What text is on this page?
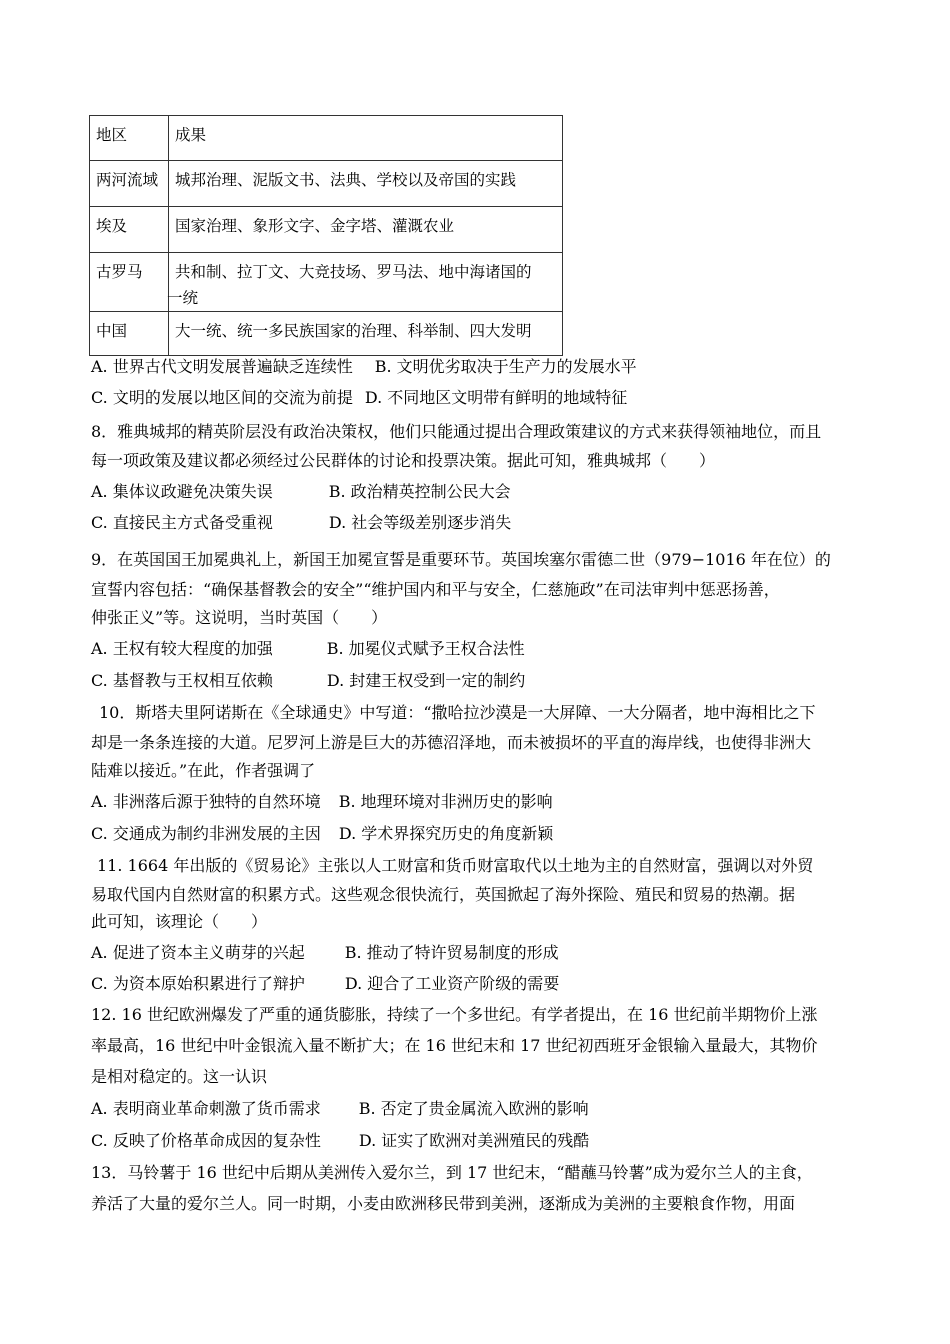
地区	成果
两河流域	城邦治理、泥版文书、法典、学校以及帝国的实践
埃及	国家治理、象形文字、金字塔、灌溉农业
古罗马	共和制、拉丁文、大竞技场、罗马法、地中海诸国的
一统
中国	大一统、统一多民族国家的治理、科举制、四大发明
A. 世界古代文明发展普遍缺乏连续性 B. 文明优劣取决于生产力的发展水平
C. 文明的发展以地区间的交流为前提 D. 不同地区文明带有鲜明的地域特征
8．雅典城邦的精英阶层没有政治决策权，他们只能通过提出合理政策建议的方式来获得领袖地位，而且
每一项政策及建议都必须经过公民群体的讨论和投票决策。据此可知，雅典城邦（　　）
A. 集体议政避免决策失误	B. 政治精英控制公民大会
C. 直接民主方式备受重视	D. 社会等级差别逐步消失
9．在英国国王加冕典礼上，新国王加冕宣誓是重要环节。英国埃塞尔雷德二世（979−1016 年在位）的
宣誓内容包括：“确保基督教会的安全”“维护国内和平与安全，仁慈施政”在司法审判中惩恶扬善，
伸张正义”等。这说明，当时英国（　　）
A. 王权有较大程度的加强	B. 加冕仪式赋予王权合法性
C. 基督教与王权相互依赖	D. 封建王权受到一定的制约
10．斯塔夫里阿诺斯在《全球通史》中写道：“撒哈拉沙漠是一大屏障、一大分隔者，地中海相比之下
却是一条条连接的大道。尼罗河上游是巨大的苏德沼泽地，而未被损坏的平直的海岸线，也使得非洲大
陆难以接近。”在此，作者强调了
A. 非洲落后源于独特的自然环境 B. 地理环境对非洲历史的影响
C. 交通成为制约非洲发展的主因 D. 学术界探究历史的角度新颖
11. 1664 年出版的《贸易论》主张以人工财富和货币财富取代以土地为主的自然财富，强调以对外贸
易取代国内自然财富的积累方式。这些观念很快流行，英国掀起了海外探险、殖民和贸易的热潮。据
此可知，该理论（　　）
A. 促进了资本主义萌芽的兴起	B. 推动了特许贸易制度的形成
C. 为资本原始积累进行了辩护	D. 迎合了工业资产阶级的需要
12. 16 世纪欧洲爆发了严重的通货膨胀，持续了一个多世纪。有学者提出，在 16 世纪前半期物价上涨
率最高，16 世纪中叶金银流入量不断扩大；在 16 世纪末和 17 世纪初西班牙金银输入量最大，其物价
是相对稳定的。这一认识
A. 表明商业革命刺激了货币需求 B. 否定了贵金属流入欧洲的影响
C. 反映了价格革命成因的复杂性 D. 证实了欧洲对美洲殖民的残酷
13．马铃薯于 16 世纪中后期从美洲传入爱尔兰，到 17 世纪末，“醋蘸马铃薯”成为爱尔兰人的主食，
养活了大量的爱尔兰人。同一时期，小麦由欧洲移民带到美洲，逐渐成为美洲的主要粮食作物，用面
